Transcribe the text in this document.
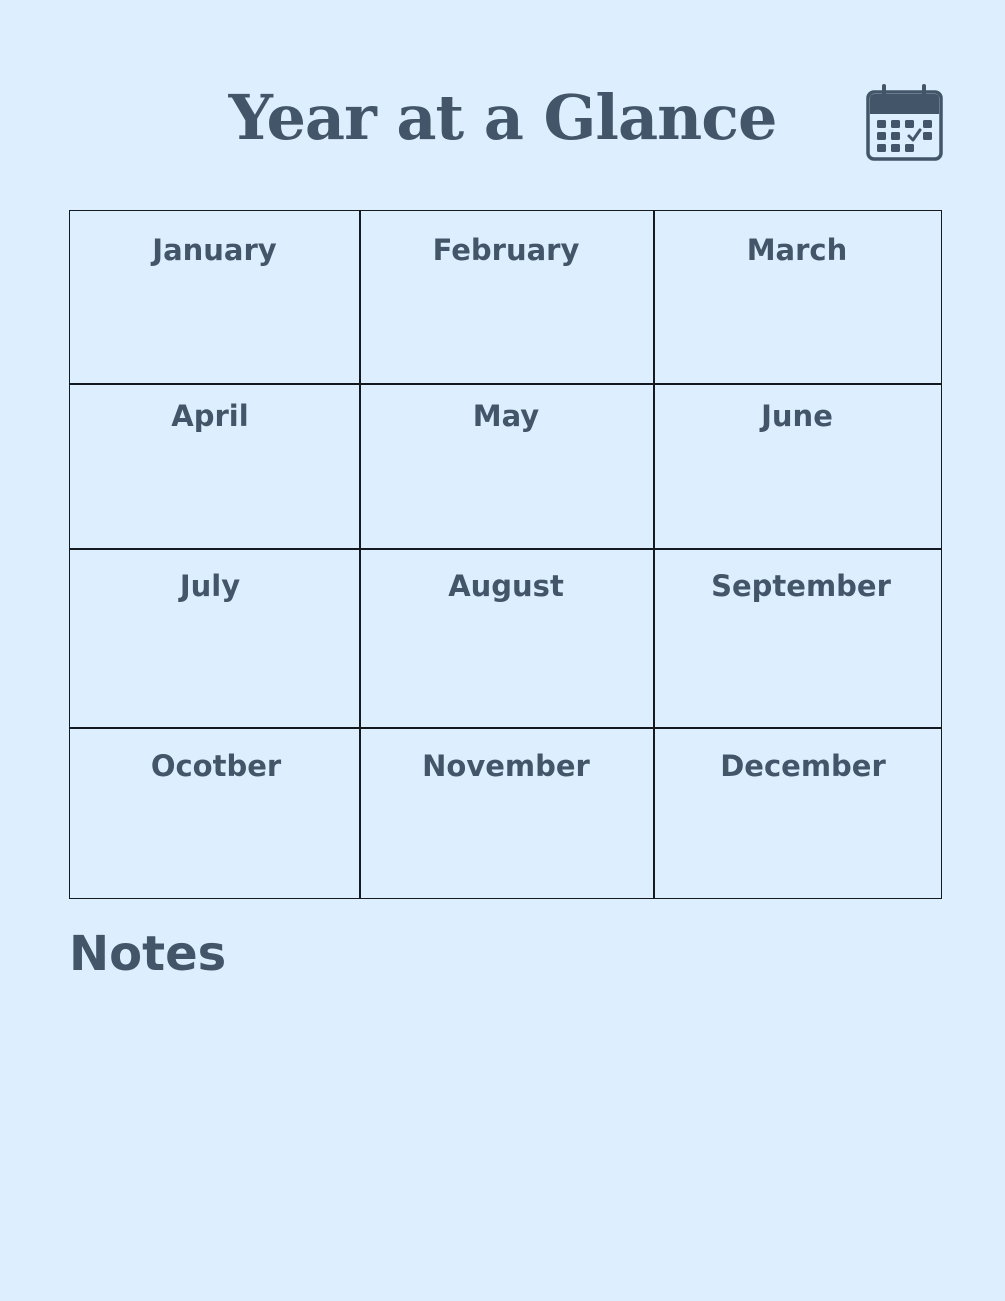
Year at a Glance
January	February	March
April	May	June
July	August	September
Ocotber	November	December
Notes
